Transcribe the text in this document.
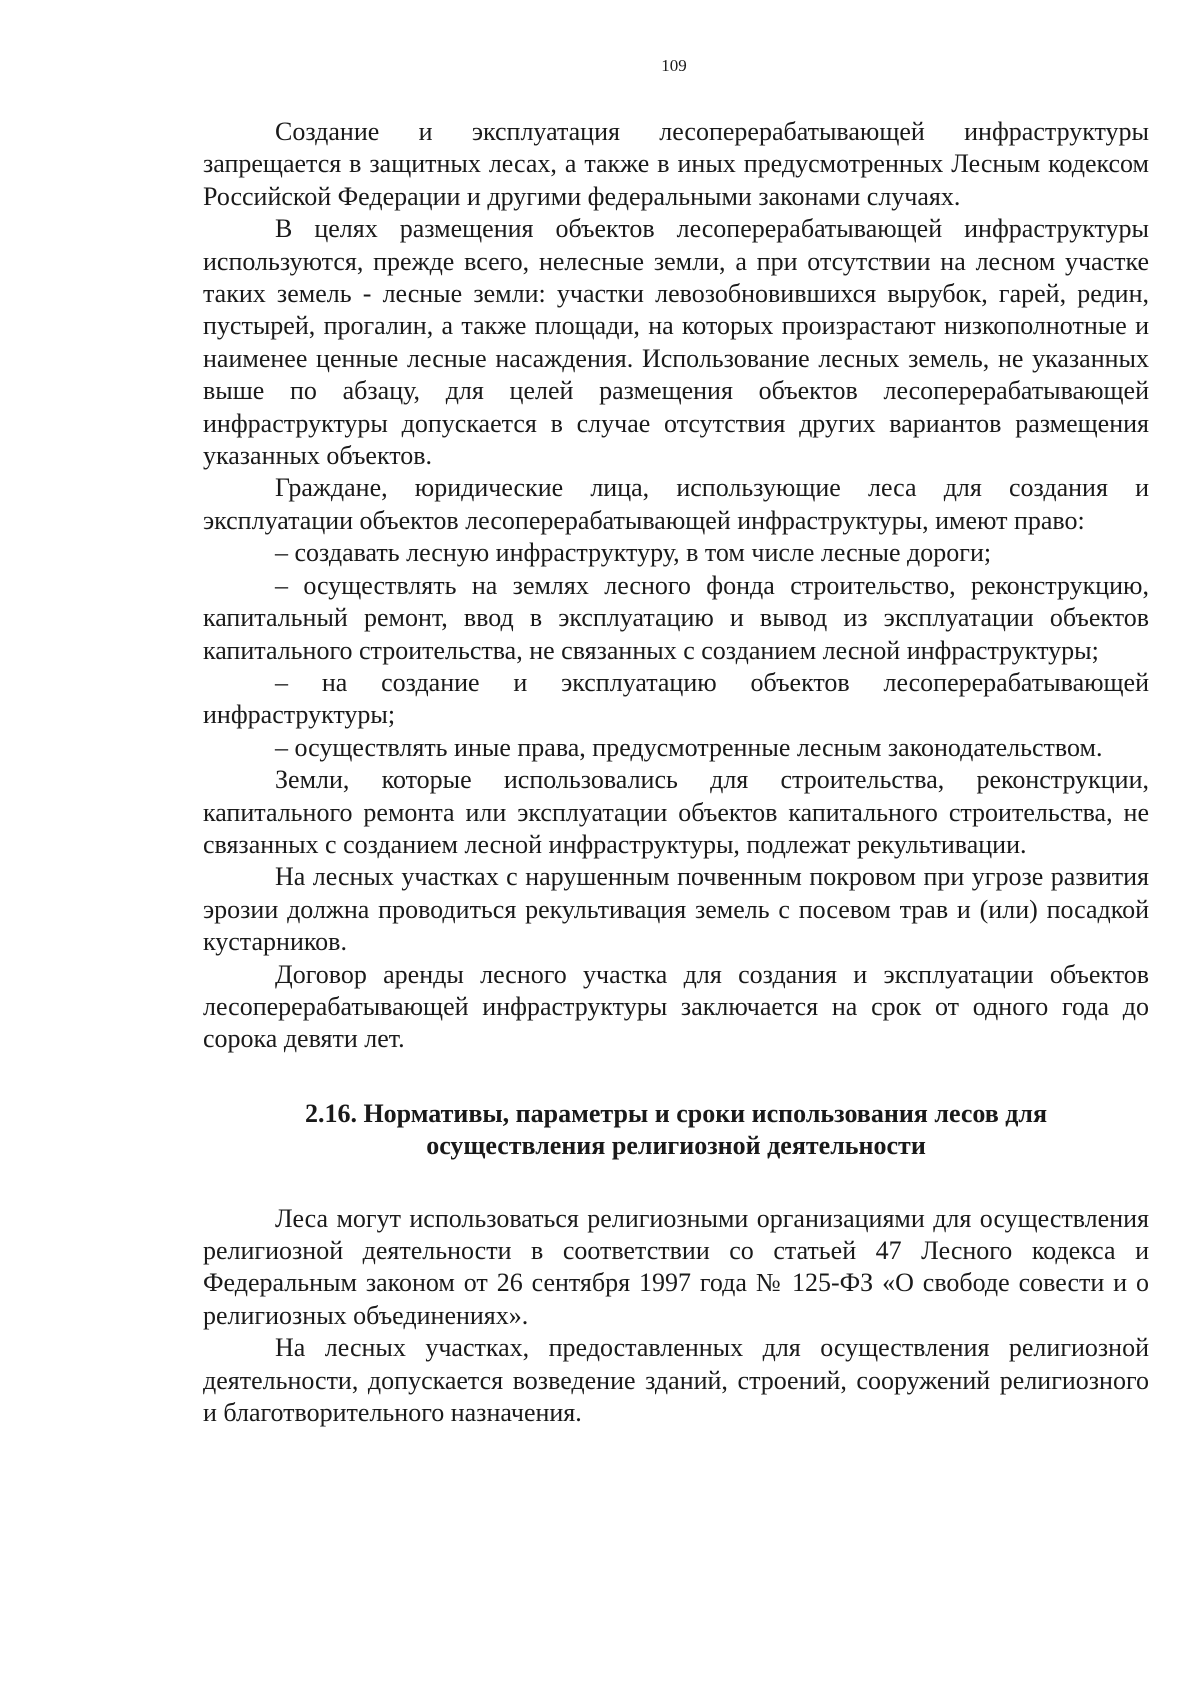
109

Создание и эксплуатация лесоперерабатывающей инфраструктуры запрещается в защитных лесах, а также в иных предусмотренных Лесным кодексом Российской Федерации и другими федеральными законами случаях.

В целях размещения объектов лесоперерабатывающей инфраструктуры используются, прежде всего, нелесные земли, а при отсутствии на лесном участке таких земель - лесные земли: участки левозобновившихся вырубок, гарей, редин, пустырей, прогалин, а также площади, на которых произрастают низкополнотные и наименее ценные лесные насаждения. Использование лесных земель, не указанных выше по абзацу, для целей размещения объектов лесоперерабатывающей инфраструктуры допускается в случае отсутствия других вариантов размещения указанных объектов.

Граждане, юридические лица, использующие леса для создания и эксплуатации объектов лесоперерабатывающей инфраструктуры, имеют право:

– создавать лесную инфраструктуру, в том числе лесные дороги;

– осуществлять на землях лесного фонда строительство, реконструкцию, капитальный ремонт, ввод в эксплуатацию и вывод из эксплуатации объектов капитального строительства, не связанных с созданием лесной инфраструктуры;

– на создание и эксплуатацию объектов лесоперерабатывающей инфраструктуры;

– осуществлять иные права, предусмотренные лесным законодательством.

Земли, которые использовались для строительства, реконструкции, капитального ремонта или эксплуатации объектов капитального строительства, не связанных с созданием лесной инфраструктуры, подлежат рекультивации.

На лесных участках с нарушенным почвенным покровом при угрозе развития эрозии должна проводиться рекультивация земель с посевом трав и (или) посадкой кустарников.

Договор аренды лесного участка для создания и эксплуатации объектов лесоперерабатывающей инфраструктуры заключается на срок от одного года до сорока девяти лет.

2.16. Нормативы, параметры и сроки использования лесов для
осуществления религиозной деятельности

Леса могут использоваться религиозными организациями для осуществления религиозной деятельности в соответствии со статьей 47 Лесного кодекса и Федеральным законом от 26 сентября 1997 года № 125-ФЗ «О свободе совести и о религиозных объединениях».

На лесных участках, предоставленных для осуществления религиозной деятельности, допускается возведение зданий, строений, сооружений религиозного и благотворительного назначения.
